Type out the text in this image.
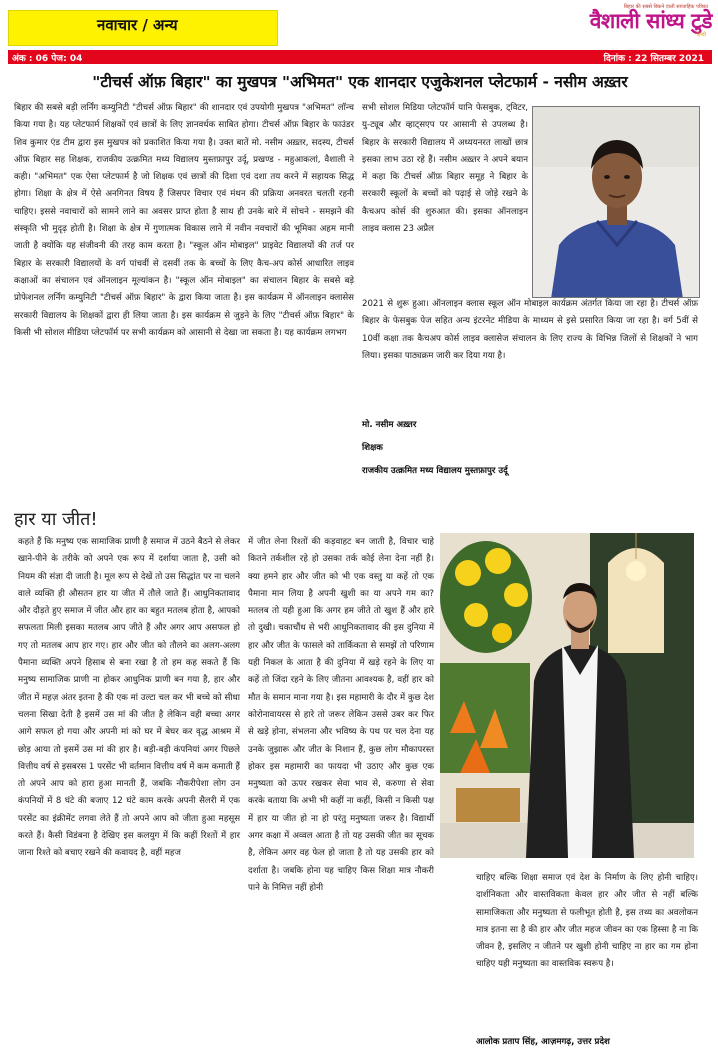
नवाचार / अन्य
बिहार की सबसे बिकने वाली साप्ताहिक पत्रिका
वैशाली सांध्य टुडे
हिन्दी
अंक : 06 पेज: 04	दिनांक : 22 सितम्बर 2021
"टीचर्स ऑफ़ बिहार" का मुखपत्र "अभिमत" एक शानदार एजुकेशनल प्लेटफार्म - नसीम अख़्तर

बिहार की सबसे बड़ी लर्निंग कम्युनिटी "टीचर्स ऑफ़ बिहार" की शानदार एवं उपयोगी मुखपत्र "अभिमत" लॉन्च किया गया है। यह प्लेटफार्म शिक्षकों एवं छात्रों के लिए ज्ञानवर्धक साबित होगा। टीचर्स ऑफ़ बिहार के फाउंडर शिव कुमार एंड टीम द्वारा इस मुखपत्र को प्रकाशित किया गया है। उक्त बातें मो. नसीम अख़्तर, सदस्य, टीचर्स ऑफ़ बिहार सह शिक्षक, राजकीय उत्क्रमित मध्य विद्यालय मुस्तफ़ापुर उर्दू, प्रखण्ड - महुआकलां, वैशाली ने कही। "अभिमत" एक ऐसा प्लेटफार्म है जो शिक्षक एवं छात्रों की दिशा एवं दशा तय करने में सहायक सिद्ध होगा। शिक्षा के क्षेत्र में ऐसे अनगिनत विषय हैं जिसपर विचार एवं मंथन की प्रक्रिया अनवरत चलती रहनी चाहिए। इससे नवाचारों को सामने लाने का अवसर प्राप्त होता है साथ ही उनके बारे में सोचने - समझने की संस्कृति भी मुदृढ़ होती है। शिक्षा के क्षेत्र में गुणात्मक विकास लाने में नवीन नवचारों की भूमिका अहम मानी जाती है क्योंकि यह संजीवनी की तरह काम करता है। "स्कूल ऑन मोबाइल" प्राइवेट विद्यालयों की तर्ज पर बिहार के सरकारी विद्यालयों के वर्ग पांचवीं से दसवीं तक के बच्चों के लिए कैच-अप कोर्स आधारित लाइव कक्षाओं का संचालन एवं ऑनलाइन मूल्यांकन है। "स्कूल ऑन मोबाइल" का संचालन बिहार के सबसे बड़े प्रोफेशनल लर्निंग कम्युनिटी "टीचर्स ऑफ़ बिहार" के द्वारा किया जाता है। इस कार्यक्रम में ऑनलाइन क्लासेस सरकारी विद्यालय के शिक्षकों द्वारा ही लिया जाता है। इस कार्यक्रम से जुड़ने के लिए "टीचर्स ऑफ़ बिहार" के किसी भी सोशल मीडिया प्लेटफॉर्म पर सभी कार्यक्रम को आसानी से देखा जा सकता है। यह कार्यक्रम लगभग

सभी सोशल मिडिया प्लेटफॉर्म यानि फेसबुक, ट्विटर, यु-ट्यूब और व्हाट्सएप पर आसानी से उपलब्ध है। बिहार के सरकारी विद्यालय में अध्ययनरत लाखों छात्र इसका लाभ उठा रहे हैं। नसीम अख़्तर ने अपने बयान में कहा कि टीचर्स ऑफ़ बिहार समूह ने बिहार के सरकारी स्कूलों के बच्चों को पढ़ाई से जोड़े रखने के कैचअप कोर्स की शुरुआत की। इसका ऑनलाइन लाइव क्लास 23 अप्रैल

2021 से शुरू हुआ। ऑनलाइन क्लास स्कूल ऑन मोबाइल कार्यक्रम अंतर्गत किया जा रहा है। टीचर्स ऑफ़ बिहार के फेसबुक पेज सहित अन्य इंटरनेट मीडिया के माध्यम से इसे प्रसारित किया जा रहा है। वर्ग 5वीं से 10वीं कक्षा तक कैचअप कोर्स लाइव क्लासेज संचालन के लिए राज्य के विभिन्न जिलों से शिक्षकों ने भाग लिया। इसका पाठ्यक्रम जारी कर दिया गया है।

मो. नसीम अख़्तर
शिक्षक
राजकीय उत्क्रमित मध्य विद्यालय मुस्तफ़ापुर उर्दू
हार या जीत!

कहते हैं कि मनुष्य एक सामाजिक प्राणी है समाज में उठने बैठने से लेकर खाने-पीने के तरीके को अपने एक रूप में दर्शाया जाता है, उसी को नियम की संज्ञा दी जाती है। मूल रूप से देखें तो उस सिद्धांत पर ना चलने वाले व्यक्ति ही औसतन हार या जीत में तौले जाते हैं। आधुनिकतावाद और दौड़ते हुए समाज में जीत और हार का बहुत मतलब होता है, आपको सफलता मिली इसका मतलब आप जीते हैं और अगर आप असफल हो गए तो मतलब आप हार गए। हार और जीत को तौलने का अलग-अलग पैमाना व्यक्ति अपने हिसाब से बना रखा है तो हम कह सकते हैं कि मनुष्य सामाजिक प्राणी ना होकर आधुनिक प्राणी बन गया है, हार और जीत में महज़ अंतर इतना है की एक मां उल्टा चल कर भी बच्चे को सीधा चलना सिखा देती है इसमें उस मां की जीत है लेकिन वही बच्चा अगर आगे सफल हो गया और अपनी मां को घर में बेघर कर वृद्ध आश्रम में छोड़ आया तो इसमें उस मां की हार है। बड़ी-बड़ी कंपनियां अगर पिछले वित्तीय वर्ष से इसबरस 1 परसेंट भी वर्तमान वित्तीय वर्ष में कम कमाती हैं तो अपने आप को हारा हुआ मानती हैं, जबकि नौकरीपेशा लोग उन कंपनियों में 8 घंटे की बजाए 12 घंटे काम करके अपनी सैलरी में एक परसेंट का इंक्रीमेंट लगवा लेते हैं तो अपने आप को जीता हुआ महसूस करते हैं। कैसी विडंबना है देखिए इस कलयुग में कि कहीं रिश्तों में हार जाना रिश्ते को बचाए रखने की कवायद है, वहीं महज

में जीत लेना रिश्तों की कड़वाहट बन जाती है, विचार चाहे कितने तर्कशील रहे हो उसका तर्क कोई लेना देना नहीं है। क्या हमने हार और जीत को भी एक वस्तु या कहें तो एक पैमाना मान लिया है अपनी खुशी का या अपने गम का? मतलब तो यही हुआ कि अगर हम जीते तो खुश हैं और हारे तो दुखी। चकाचौंध से भरी आधुनिकतावाद की इस दुनिया में हार और जीत के फासले को तार्किकता से समझें तो परिणाम यही निकल के आता है की दुनिया में खड़े रहने के लिए या कहें तो जिंदा रहने के लिए जीतना आवश्यक है, वहीं हार को मौत के समान माना गया है। इस महामारी के दौर में कुछ देश कोरोनावायरस से हारे तो जरूर लेकिन उससे उबर कर फिर से खड़े होना, संभलना और भविष्य के पथ पर चल देना यह उनके जुझारू और जीत के निशान हैं, कुछ लोग मौकापरस्त होकर इस महामारी का फायदा भी उठाए और कुछ एक मनुष्यता को ऊपर रखकर सेवा भाव से, करुणा से सेवा करके बताया कि अभी भी कहीं ना कहीं, किसी न किसी पक्ष में हार या जीत हो ना हो परंतु मनुष्यता जरूर है। विद्यार्थी अगर कक्षा में अव्वल आता है तो यह उसकी जीत का सूचक है, लेकिन अगर वह फेल हो जाता है तो यह उसकी हार को दर्शाता है। जबकि होना यह चाहिए किस शिक्षा मात्र नौकरी पाने के निमित्त नहीं होनी

चाहिए बल्कि शिक्षा समाज एवं देश के निर्माण के लिए होनी चाहिए। दार्शनिकता और वास्तविकता केवल हार और जीत से नहीं बल्कि सामाजिकता और मनुष्यता से फलीभूत होती है, इस तथ्य का अवलोकन मात्र इतना सा है की हार और जीत महज जीवन का एक हिस्सा है ना कि जीवन है, इसलिए न जीतने पर खुशी होनी चाहिए ना हार का गम होना चाहिए यही मनुष्यता का वास्तविक स्वरूप है।

आलोक प्रताप सिंह, आज़मगढ़, उत्तर प्रदेश
